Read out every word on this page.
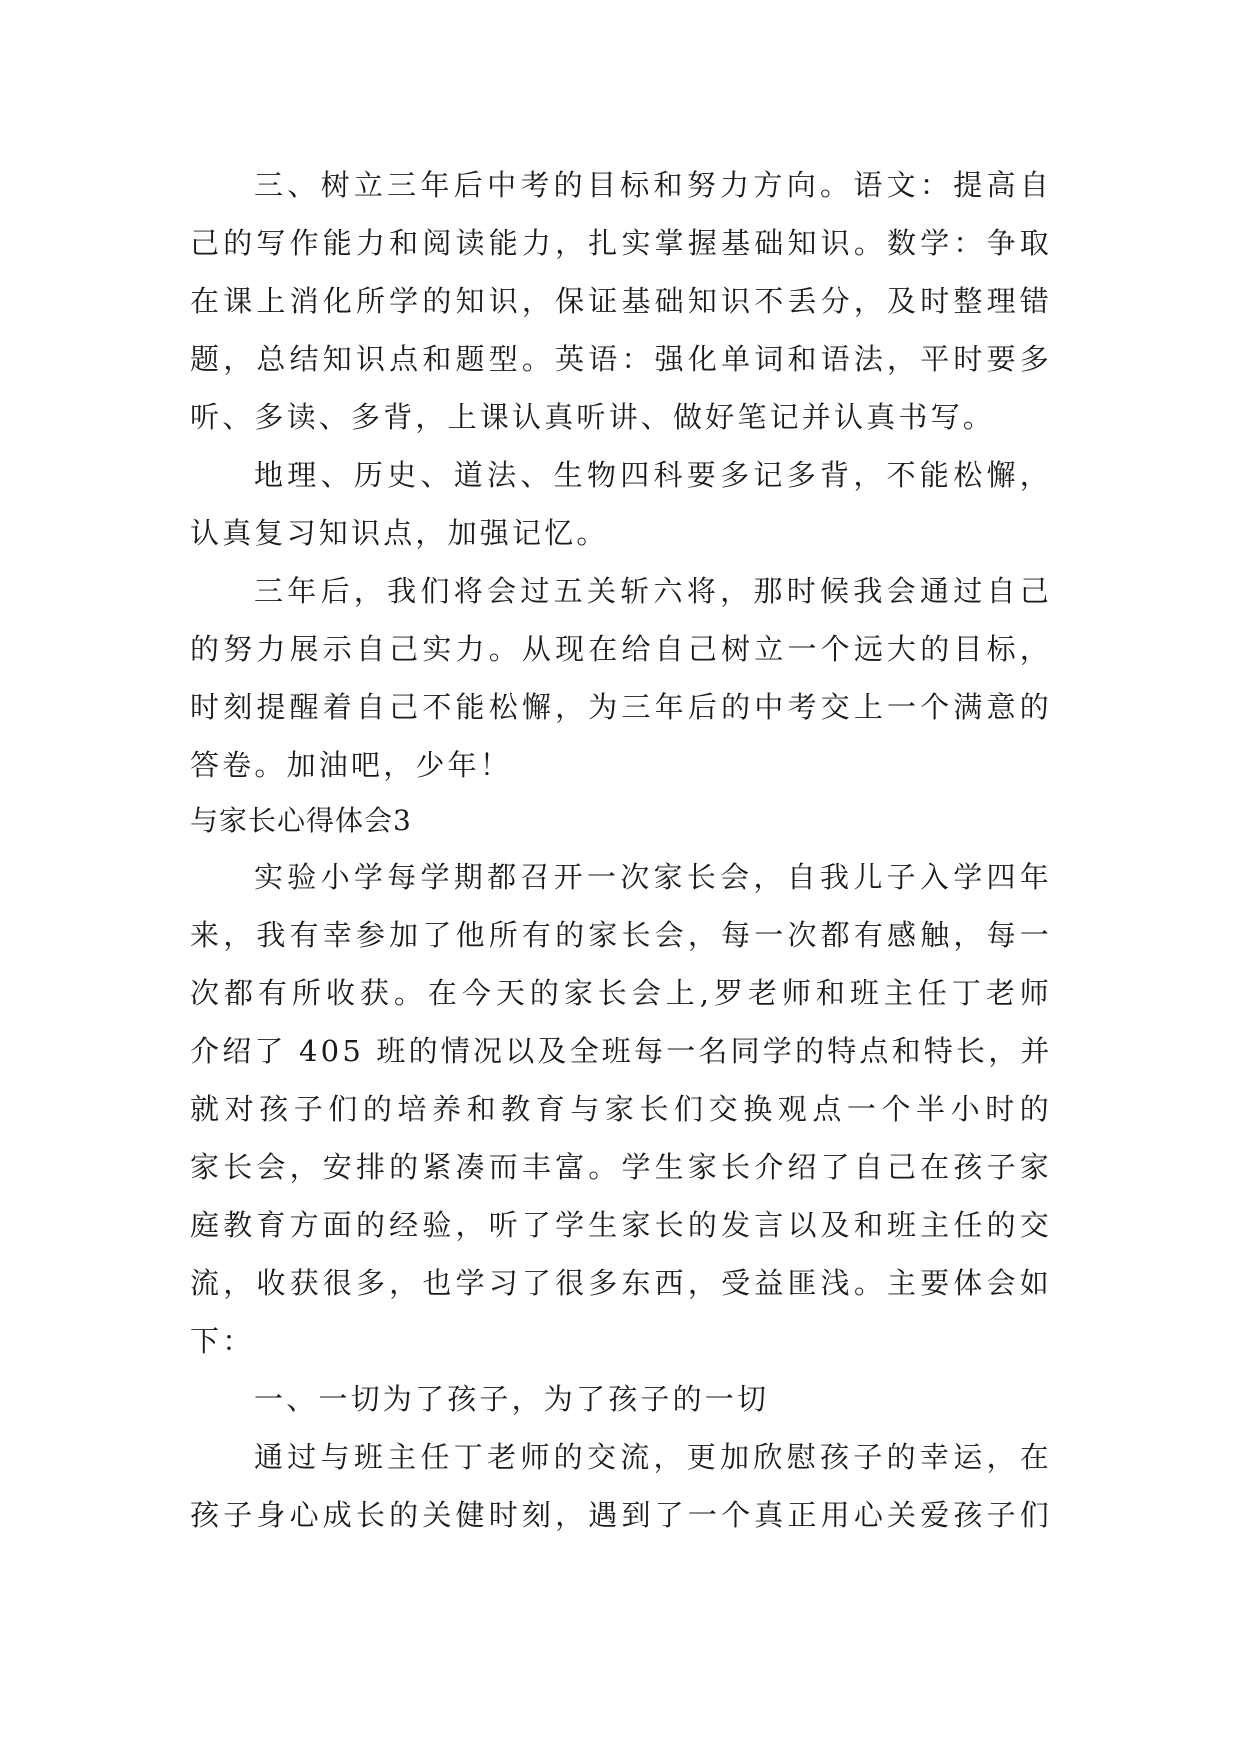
三、树立三年后中考的目标和努力方向。语文：提高自
己的写作能力和阅读能力，扎实掌握基础知识。数学：争取
在课上消化所学的知识，保证基础知识不丢分，及时整理错
题，总结知识点和题型。英语：强化单词和语法，平时要多
听、多读、多背，上课认真听讲、做好笔记并认真书写。
地理、历史、道法、生物四科要多记多背，不能松懈，
认真复习知识点，加强记忆。
三年后，我们将会过五关斩六将，那时候我会通过自己
的努力展示自己实力。从现在给自己树立一个远大的目标，
时刻提醒着自己不能松懈，为三年后的中考交上一个满意的
答卷。加油吧，少年！
与家长心得体会3
实验小学每学期都召开一次家长会，自我儿子入学四年
来，我有幸参加了他所有的家长会，每一次都有感触，每一
次都有所收获。在今天的家长会上,罗老师和班主任丁老师
介绍了 405 班的情况以及全班每一名同学的特点和特长，并
就对孩子们的培养和教育与家长们交换观点一个半小时的
家长会，安排的紧凑而丰富。学生家长介绍了自己在孩子家
庭教育方面的经验，听了学生家长的发言以及和班主任的交
流，收获很多，也学习了很多东西，受益匪浅。主要体会如
下：
一、一切为了孩子，为了孩子的一切
通过与班主任丁老师的交流，更加欣慰孩子的幸运，在
孩子身心成长的关健时刻，遇到了一个真正用心关爱孩子们
